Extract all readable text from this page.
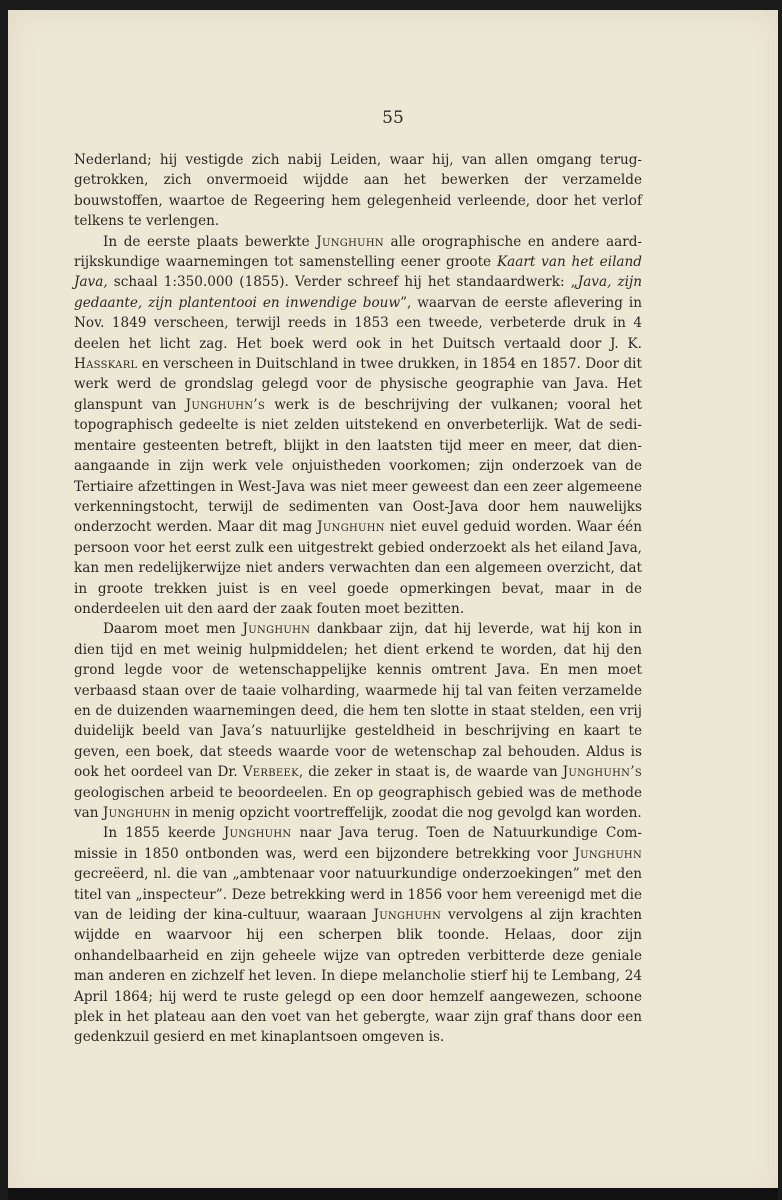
55

Nederland; hij vestigde zich nabij Leiden, waar hij, van allen omgang teruggetrokken, zich onvermoeid wijdde aan het bewerken der verzamelde bouwstoffen, waartoe de Regeering hem gelegenheid verleende, door het verlof telkens te verlengen.

In de eerste plaats bewerkte Junghuhn alle orographische en andere aardrijkskundige waarnemingen tot samenstelling eener groote Kaart van het eiland Java, schaal 1:350.000 (1855). Verder schreef hij het standaardwerk: „Java, zijn gedaante, zijn plantentooi en inwendige bouw”, waarvan de eerste aflevering in Nov. 1849 verscheen, terwijl reeds in 1853 een tweede, verbeterde druk in 4 deelen het licht zag. Het boek werd ook in het Duitsch vertaald door J. K. Hasskarl en verscheen in Duitschland in twee drukken, in 1854 en 1857. Door dit werk werd de grondslag gelegd voor de physische geographie van Java. Het glanspunt van Junghuhn’s werk is de beschrijving der vulkanen; vooral het topographisch gedeelte is niet zelden uitstekend en onverbeterlijk. Wat de sedimentaire gesteenten betreft, blijkt in den laatsten tijd meer en meer, dat dienaangaande in zijn werk vele onjuistheden voorkomen; zijn onderzoek van de Tertiaire afzettingen in West-Java was niet meer geweest dan een zeer algemeene verkenningstocht, terwijl de sedimenten van Oost-Java door hem nauwelijks onderzocht werden. Maar dit mag Junghuhn niet euvel geduid worden. Waar één persoon voor het eerst zulk een uitgestrekt gebied onderzoekt als het eiland Java, kan men redelijkerwijze niet anders verwachten dan een algemeen overzicht, dat in groote trekken juist is en veel goede opmerkingen bevat, maar in de onderdeelen uit den aard der zaak fouten moet bezitten.

Daarom moet men Junghuhn dankbaar zijn, dat hij leverde, wat hij kon in dien tijd en met weinig hulpmiddelen; het dient erkend te worden, dat hij den grond legde voor de wetenschappelijke kennis omtrent Java. En men moet verbaasd staan over de taaie volharding, waarmede hij tal van feiten verzamelde en de duizenden waarnemingen deed, die hem ten slotte in staat stelden, een vrij duidelijk beeld van Java’s natuurlijke gesteldheid in beschrijving en kaart te geven, een boek, dat steeds waarde voor de wetenschap zal behouden. Aldus is ook het oordeel van Dr. Verbeek, die zeker in staat is, de waarde van Junghuhn’s geologischen arbeid te beoordeelen. En op geographisch gebied was de methode van Junghuhn in menig opzicht voortreffelijk, zoodat die nog gevolgd kan worden.

In 1855 keerde Junghuhn naar Java terug. Toen de Natuurkundige Commissie in 1850 ontbonden was, werd een bijzondere betrekking voor Junghuhn gecreëerd, nl. die van „ambtenaar voor natuurkundige onderzoekingen” met den titel van „inspecteur”. Deze betrekking werd in 1856 voor hem vereenigd met die van de leiding der kina-cultuur, waaraan Junghuhn vervolgens al zijn krachten wijdde en waarvoor hij een scherpen blik toonde. Helaas, door zijn onhandelbaarheid en zijn geheele wijze van optreden verbitterde deze geniale man anderen en zichzelf het leven. In diepe melancholie stierf hij te Lembang, 24 April 1864; hij werd te ruste gelegd op een door hemzelf aangewezen, schoone plek in het plateau aan den voet van het gebergte, waar zijn graf thans door een gedenkzuil gesierd en met kinaplantsoen omgeven is.
